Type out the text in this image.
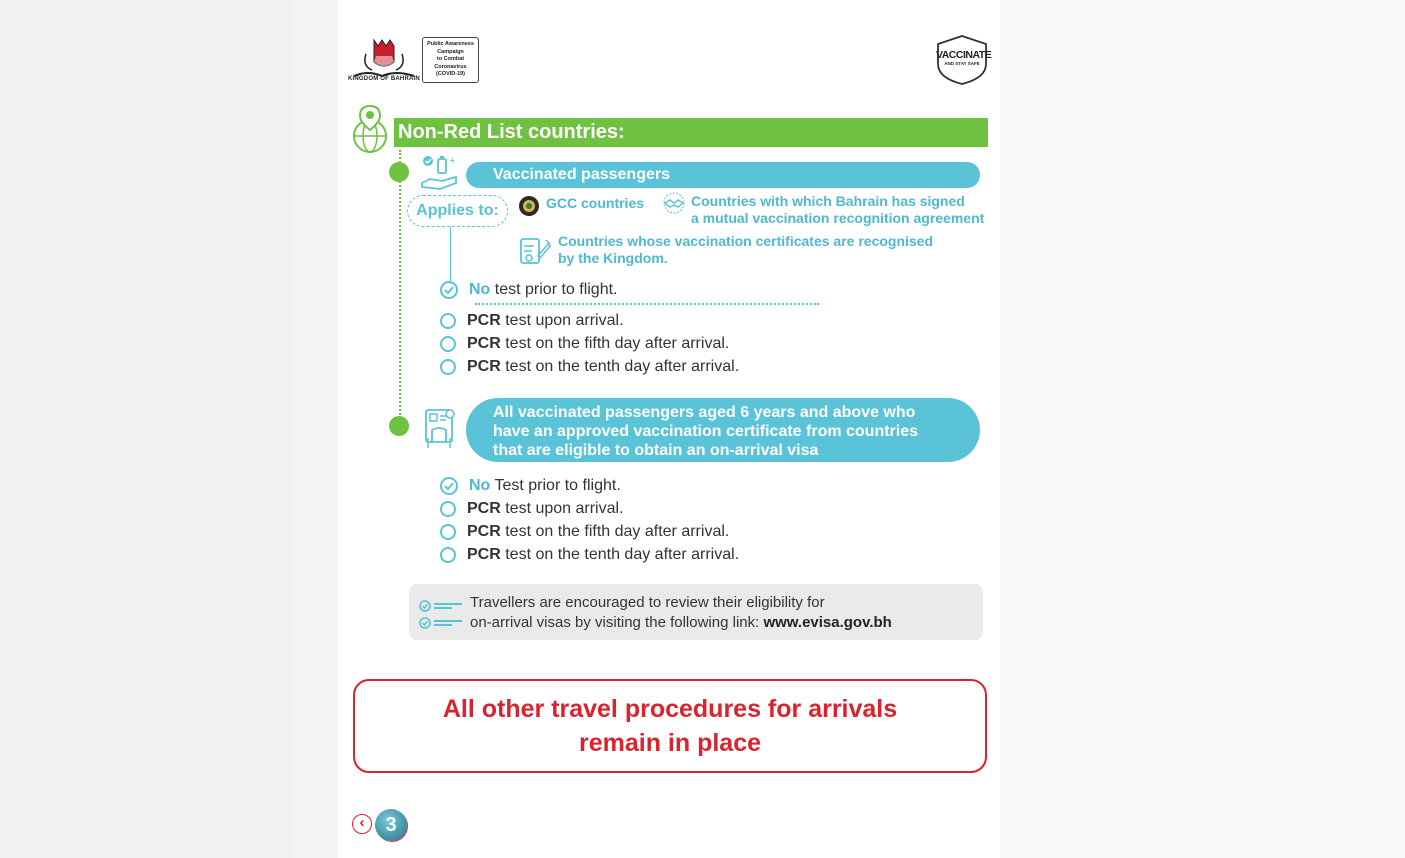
KINGDOM OF BAHRAIN
Public Awareness
Campaign
to Combat
Coronavirus
(COVID-19)
VACCINATE
AND STAY SAFE
Non-Red List countries:
+
Vaccinated passengers
Applies to:	GCC countries	Countries with which Bahrain has signed
a mutual vaccination recognition agreement
Countries whose vaccination certificates are recognised
by the Kingdom.
No test prior to flight.
PCR test upon arrival.
PCR test on the fifth day after arrival.
PCR test on the tenth day after arrival.
All vaccinated passengers aged 6 years and above who
have an approved vaccination certificate from countries
that are eligible to obtain an on-arrival visa
No Test prior to flight.
PCR test upon arrival.
PCR test on the fifth day after arrival.
PCR test on the tenth day after arrival.
Travellers are encouraged to review their eligibility for
on-arrival visas by visiting the following link: www.evisa.gov.bh
All other travel procedures for arrivals
remain in place
‹	3
